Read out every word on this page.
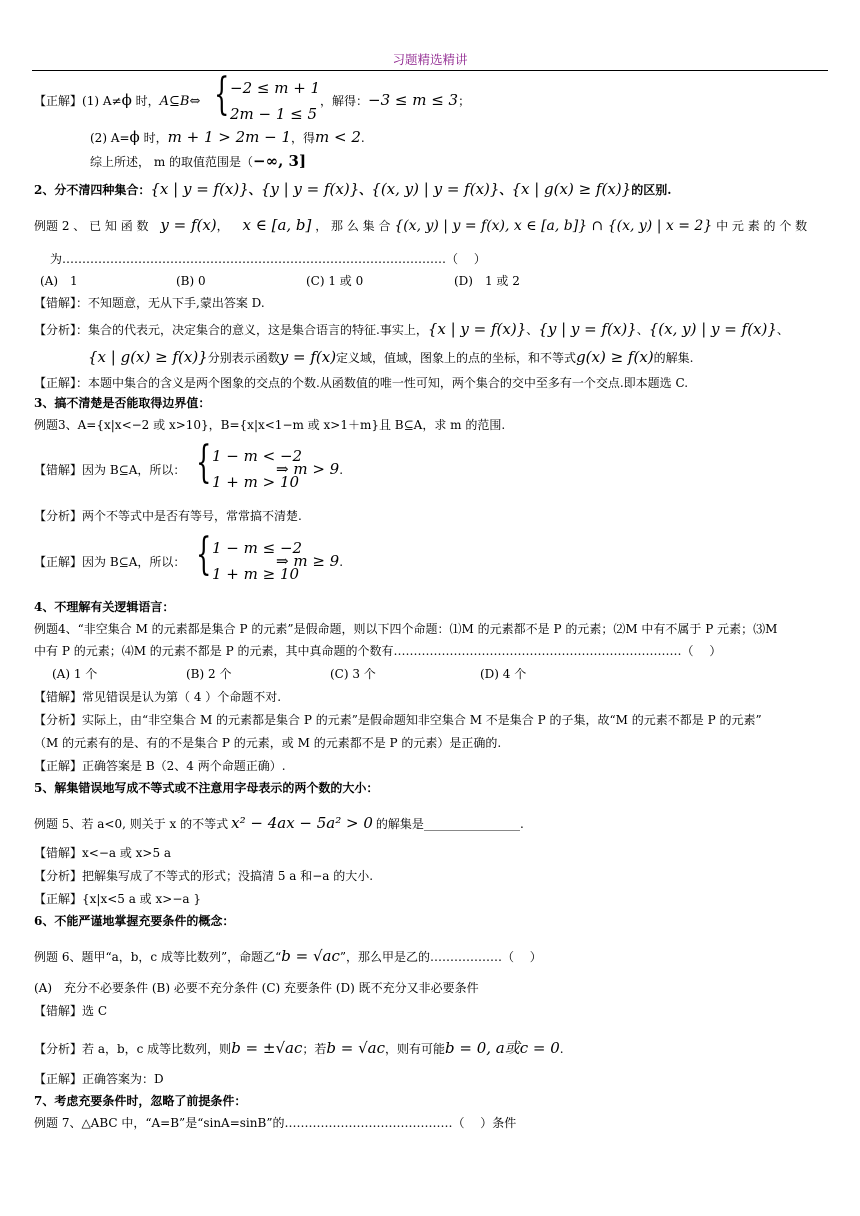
习题精选精讲
【正解】(1) A≠ϕ 时，A⊆B⇔ { −2 ≤ m + 1
2m − 1 ≤ 5
，解得：−3 ≤ m ≤ 3；
(2) A=ϕ 时，m + 1 > 2m − 1，得m < 2.
综上所述， m 的取值范围是（−∞, 3]
2、分不清四种集合：{x | y = f(x)}、{y | y = f(x)}、{(x, y) | y = f(x)}、{x | g(x) ≥ f(x)}的区别.
例题 2 、 已 知 函 数 y = f(x)， x ∈ [a, b] ， 那 么 集 合 {(x, y) | y = f(x), x ∈ [a, b]} ∩ {(x, y) | x = 2} 中 元 素 的 个 数
为……………………………………………………………………………………（　 ）
(A)　1	(B) 0	(C) 1 或 0	(D)　1 或 2
【错解】：不知题意，无从下手,蒙出答案 D.
【分析】：集合的代表元，决定集合的意义，这是集合语言的特征.事实上，{x | y = f(x)}、{y | y = f(x)}、{(x, y) | y = f(x)}、
{x | g(x) ≥ f(x)}分别表示函数y = f(x)定义域，值域，图象上的点的坐标，和不等式g(x) ≥ f(x)的解集.
【正解】：本题中集合的含义是两个图象的交点的个数.从函数值的唯一性可知，两个集合的交中至多有一个交点.即本题选 C.
3、搞不清楚是否能取得边界值：
例题3、A={x|x<−2 或 x>10}，B={x|x<1−m 或 x>1＋m}且 B⊆A，求 m 的范围.
【错解】因为 B⊆A，所以： { 1 − m < −2
1 + m > 10
⇒ m > 9.
【分析】两个不等式中是否有等号，常常搞不清楚.
【正解】因为 B⊆A，所以： { 1 − m ≤ −2
1 + m ≥ 10
⇒ m ≥ 9.
4、不理解有关逻辑语言：
例题4、“非空集合 M 的元素都是集合 P 的元素”是假命题，则以下四个命题：⑴M 的元素都不是 P 的元素；⑵M 中有不属于 P 元素；⑶M
中有 P 的元素；⑷M 的元素不都是 P 的元素，其中真命题的个数有………………………………………………………………（　 ）
(A) 1 个	(B) 2 个	(C) 3 个	(D) 4 个
【错解】常见错误是认为第（ 4 ）个命题不对.
【分析】实际上，由“非空集合 M 的元素都是集合 P 的元素”是假命题知非空集合 M 不是集合 P 的子集，故“M 的元素不都是 P 的元素”
（M 的元素有的是、有的不是集合 P 的元素，或 M 的元素都不是 P 的元素）是正确的.
【正解】正确答案是 B（2、4 两个命题正确）.
5、解集错误地写成不等式或不注意用字母表示的两个数的大小：
例题 5、若 a<0, 则关于 x 的不等式 x² − 4ax − 5a² > 0 的解集是________________.
【错解】x<−a 或 x>5 a
【分析】把解集写成了不等式的形式；没搞清 5 a 和−a 的大小.
【正解】{x|x<5 a 或 x>−a }
6、不能严谨地掌握充要条件的概念：
例题 6、题甲“a，b，c 成等比数列”，命题乙“b = √ac”，那么甲是乙的………………（　 ）
(A)　充分不必要条件 (B) 必要不充分条件 (C) 充要条件 (D) 既不充分又非必要条件
【错解】选 C
【分析】若 a，b，c 成等比数列，则b = ±√ac；若b = √ac，则有可能b = 0, a或c = 0.
【正解】正确答案为：D
7、考虑充要条件时，忽略了前提条件：
例题 7、△ABC 中，“A=B”是“sinA=sinB”的……………………………………（　 ）条件
